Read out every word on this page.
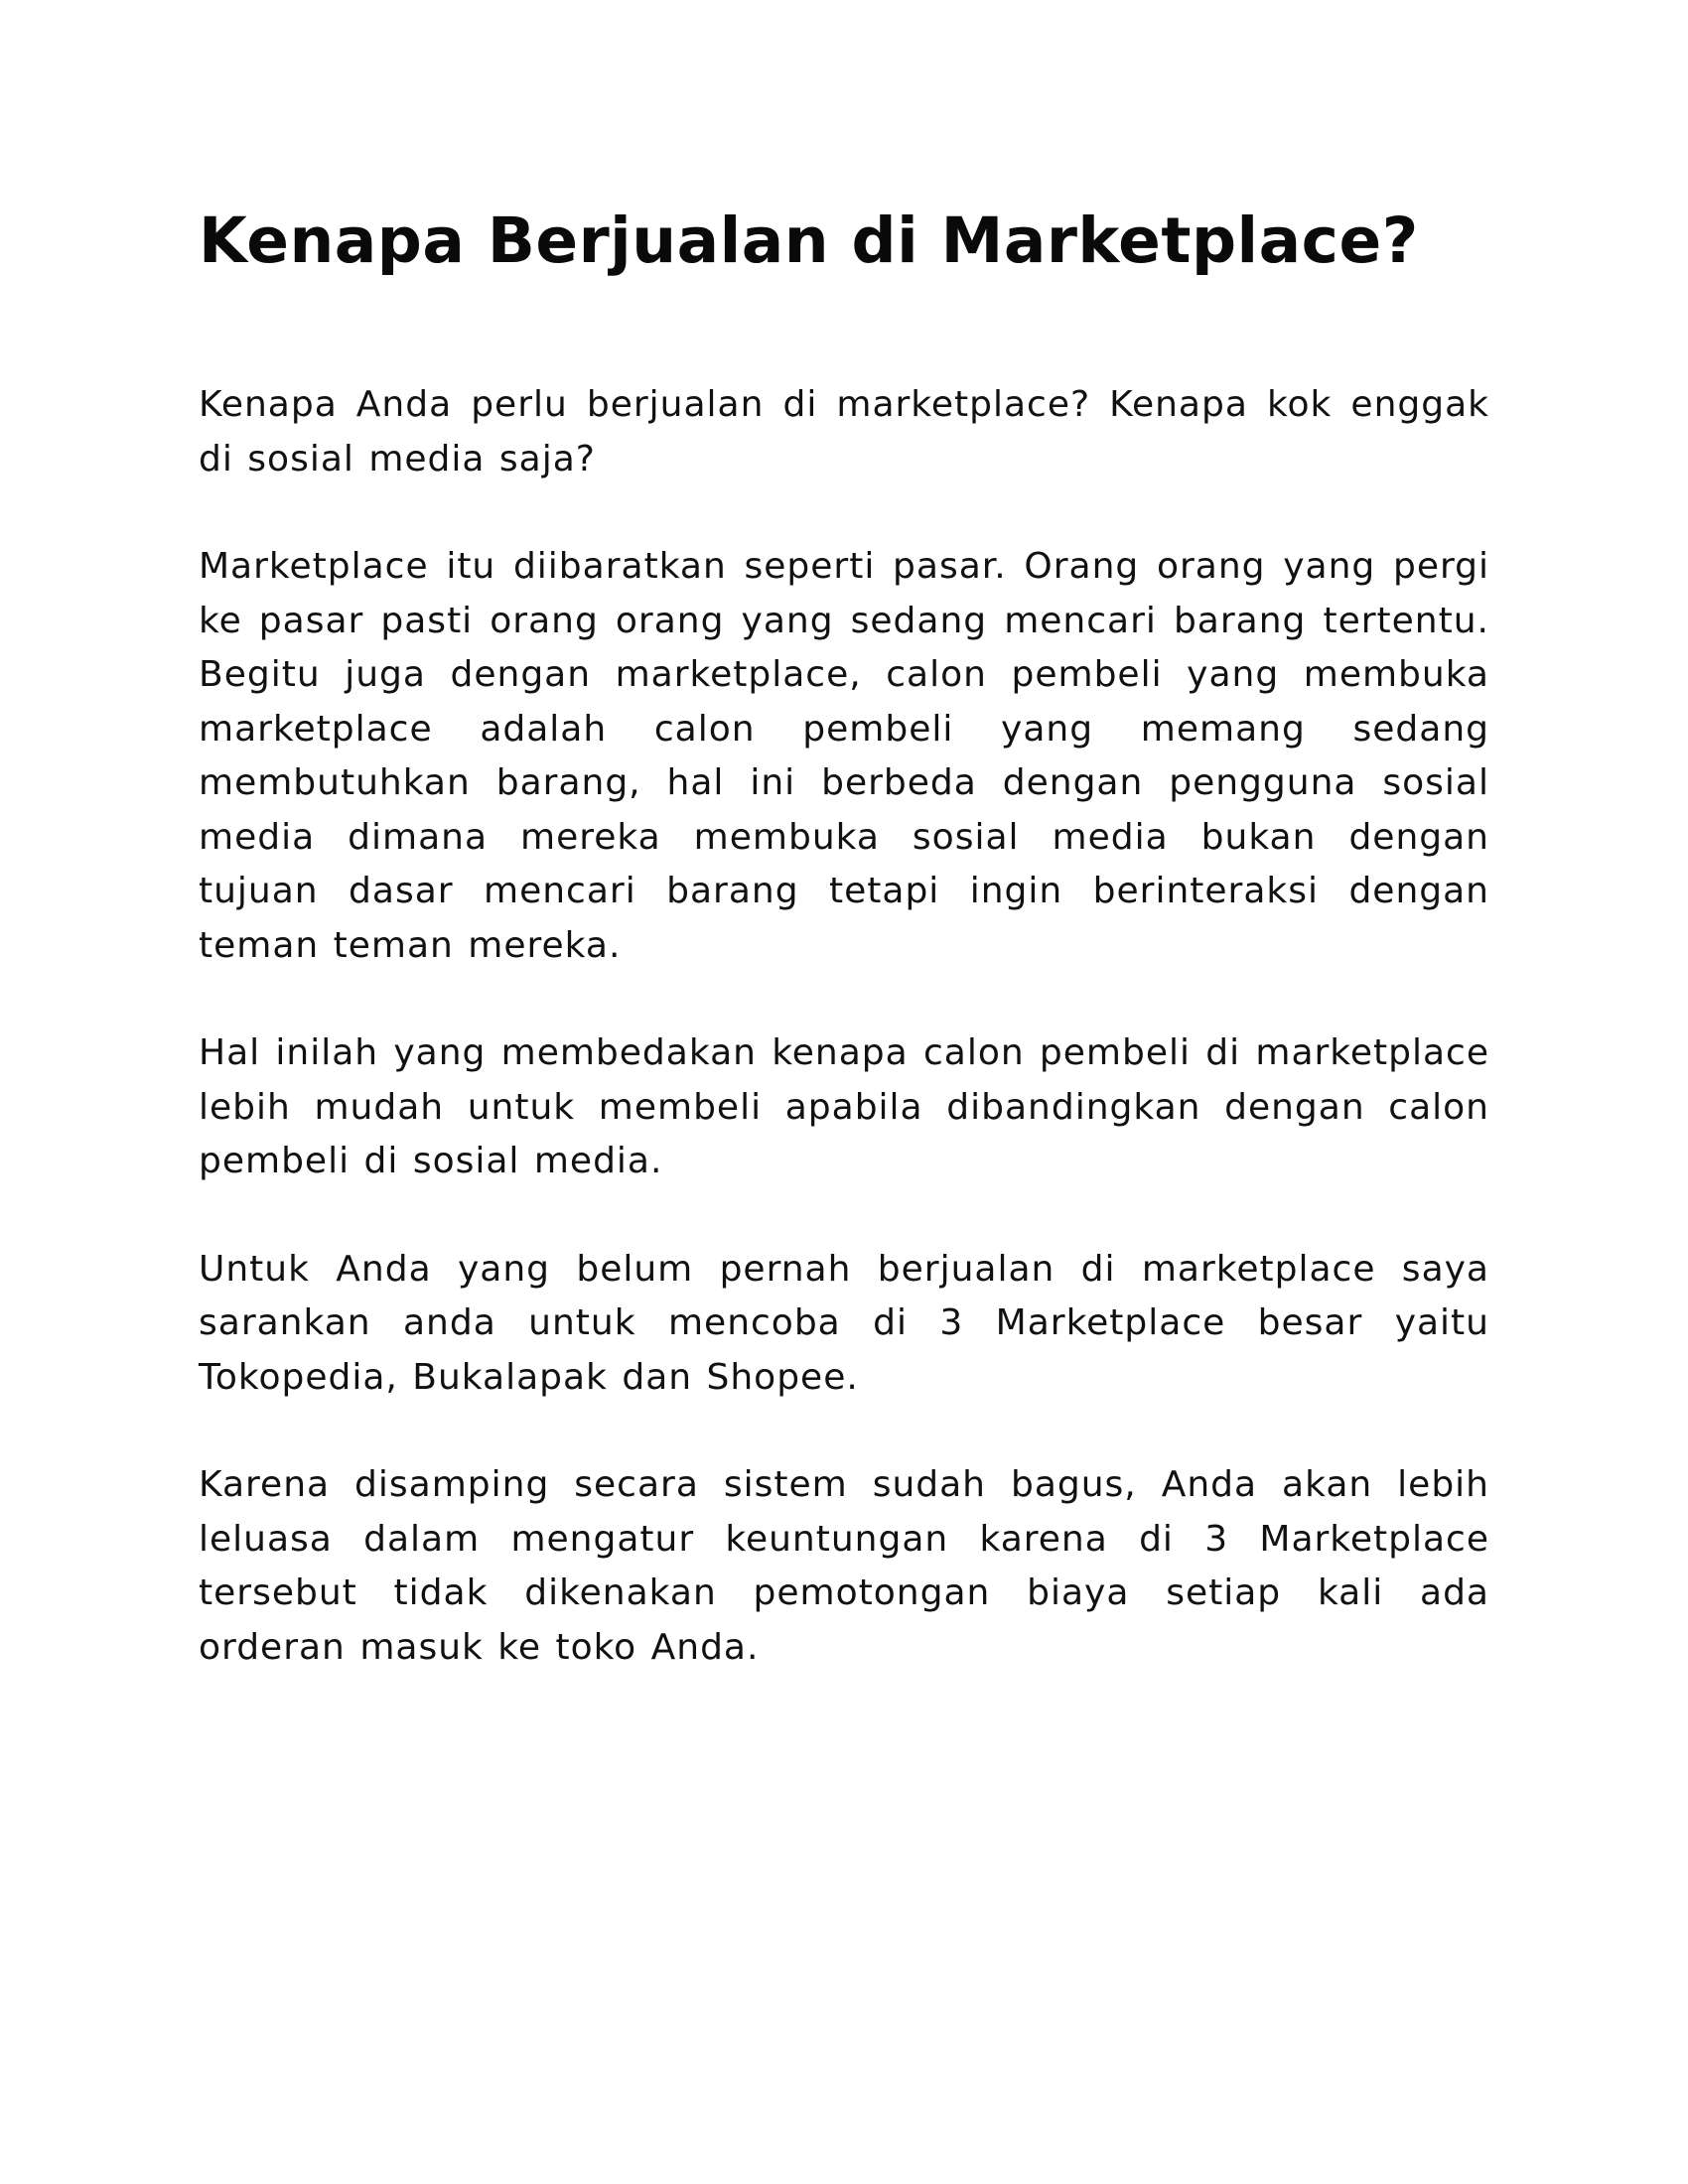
Kenapa Berjualan di Marketplace?

Kenapa Anda perlu berjualan di marketplace? Kenapa kok enggak di sosial media saja?

Marketplace itu diibaratkan seperti pasar. Orang orang yang pergi ke pasar pasti orang orang yang sedang mencari barang tertentu. Begitu juga dengan marketplace, calon pembeli yang membuka marketplace adalah calon pembeli yang memang sedang membutuhkan barang, hal ini berbeda dengan pengguna sosial media dimana mereka membuka sosial media bukan dengan tujuan dasar mencari barang tetapi ingin berinteraksi dengan teman teman mereka.

Hal inilah yang membedakan kenapa calon pembeli di marketplace lebih mudah untuk membeli apabila dibandingkan dengan calon pembeli di sosial media.

Untuk Anda yang belum pernah berjualan di marketplace saya sarankan anda untuk mencoba di 3 Marketplace besar yaitu Tokopedia, Bukalapak dan Shopee.

Karena disamping secara sistem sudah bagus, Anda akan lebih leluasa dalam mengatur keuntungan karena di 3 Marketplace tersebut tidak dikenakan pemotongan biaya setiap kali ada orderan masuk ke toko Anda.
